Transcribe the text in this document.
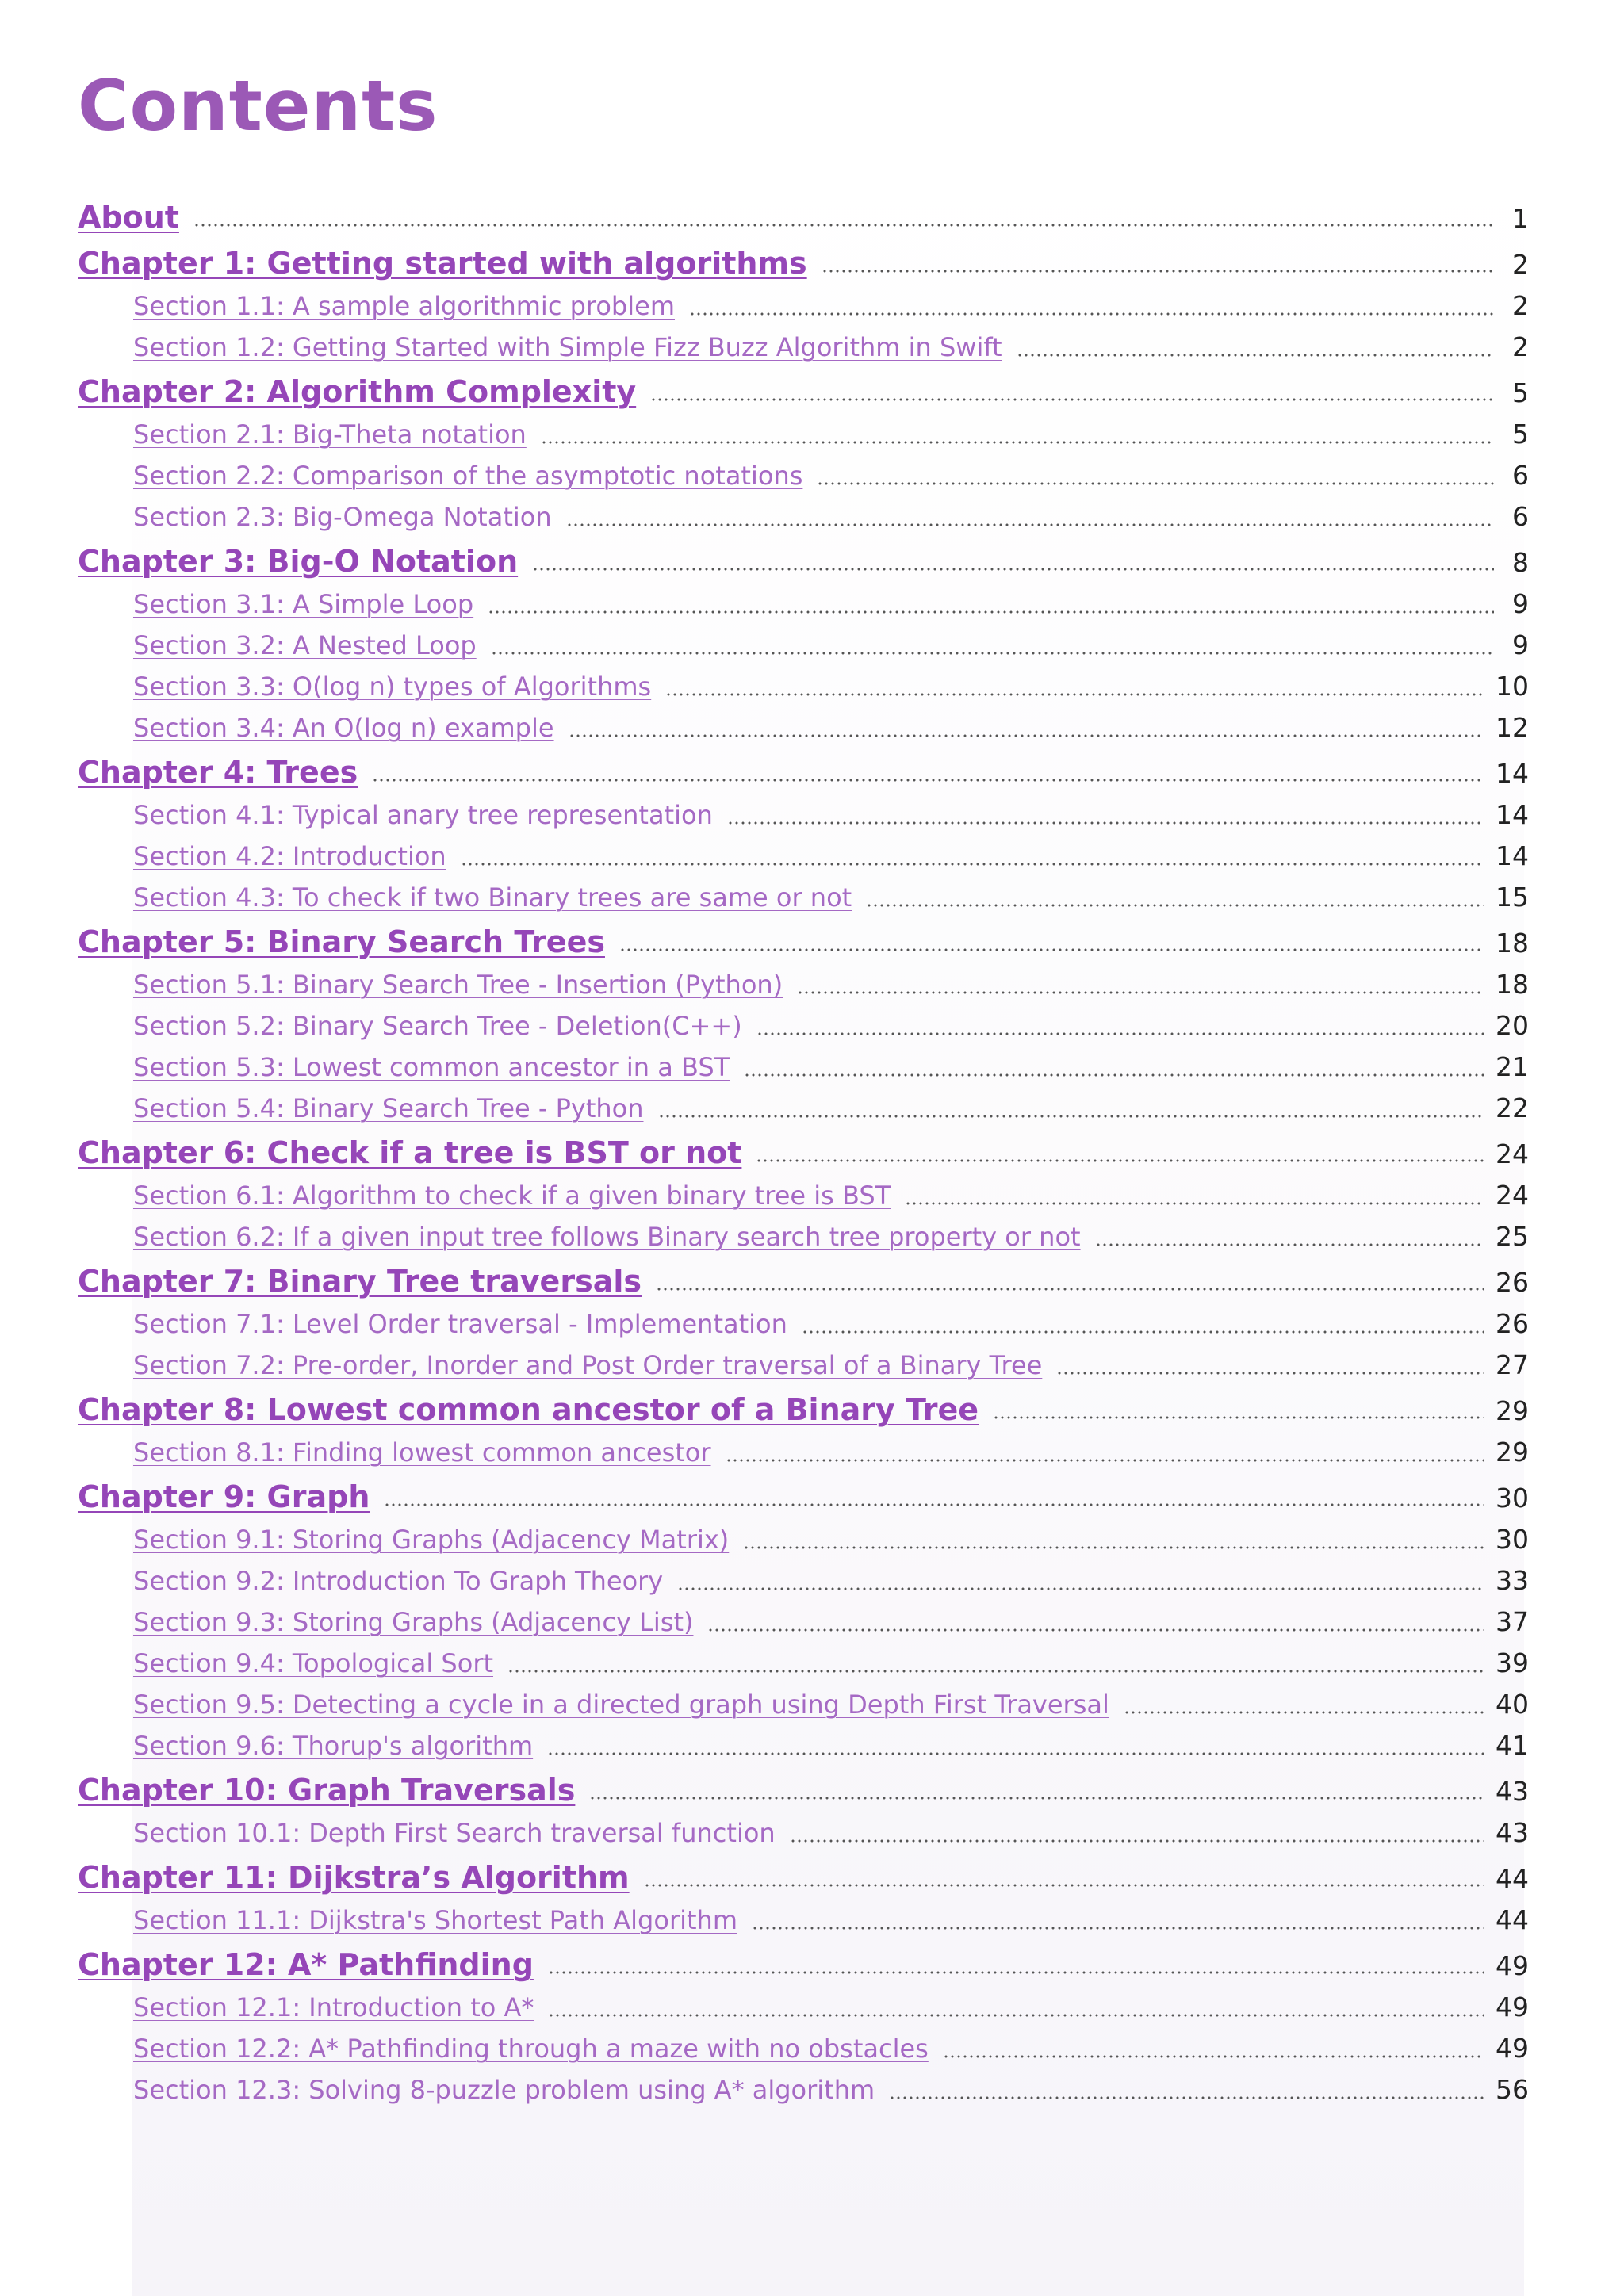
Contents
About	1
Chapter 1: Getting started with algorithms	2
Section 1.1: A sample algorithmic problem	2
Section 1.2: Getting Started with Simple Fizz Buzz Algorithm in Swift	2
Chapter 2: Algorithm Complexity	5
Section 2.1: Big-Theta notation	5
Section 2.2: Comparison of the asymptotic notations	6
Section 2.3: Big-Omega Notation	6
Chapter 3: Big-O Notation	8
Section 3.1: A Simple Loop	9
Section 3.2: A Nested Loop	9
Section 3.3: O(log n) types of Algorithms	10
Section 3.4: An O(log n) example	12
Chapter 4: Trees	14
Section 4.1: Typical anary tree representation	14
Section 4.2: Introduction	14
Section 4.3: To check if two Binary trees are same or not	15
Chapter 5: Binary Search Trees	18
Section 5.1: Binary Search Tree - Insertion (Python)	18
Section 5.2: Binary Search Tree - Deletion(C++)	20
Section 5.3: Lowest common ancestor in a BST	21
Section 5.4: Binary Search Tree - Python	22
Chapter 6: Check if a tree is BST or not	24
Section 6.1: Algorithm to check if a given binary tree is BST	24
Section 6.2: If a given input tree follows Binary search tree property or not	25
Chapter 7: Binary Tree traversals	26
Section 7.1: Level Order traversal - Implementation	26
Section 7.2: Pre-order, Inorder and Post Order traversal of a Binary Tree	27
Chapter 8: Lowest common ancestor of a Binary Tree	29
Section 8.1: Finding lowest common ancestor	29
Chapter 9: Graph	30
Section 9.1: Storing Graphs (Adjacency Matrix)	30
Section 9.2: Introduction To Graph Theory	33
Section 9.3: Storing Graphs (Adjacency List)	37
Section 9.4: Topological Sort	39
Section 9.5: Detecting a cycle in a directed graph using Depth First Traversal	40
Section 9.6: Thorup's algorithm	41
Chapter 10: Graph Traversals	43
Section 10.1: Depth First Search traversal function	43
Chapter 11: Dijkstra’s Algorithm	44
Section 11.1: Dijkstra's Shortest Path Algorithm	44
Chapter 12: A* Pathfinding	49
Section 12.1: Introduction to A*	49
Section 12.2: A* Pathfinding through a maze with no obstacles	49
Section 12.3: Solving 8-puzzle problem using A* algorithm	56
